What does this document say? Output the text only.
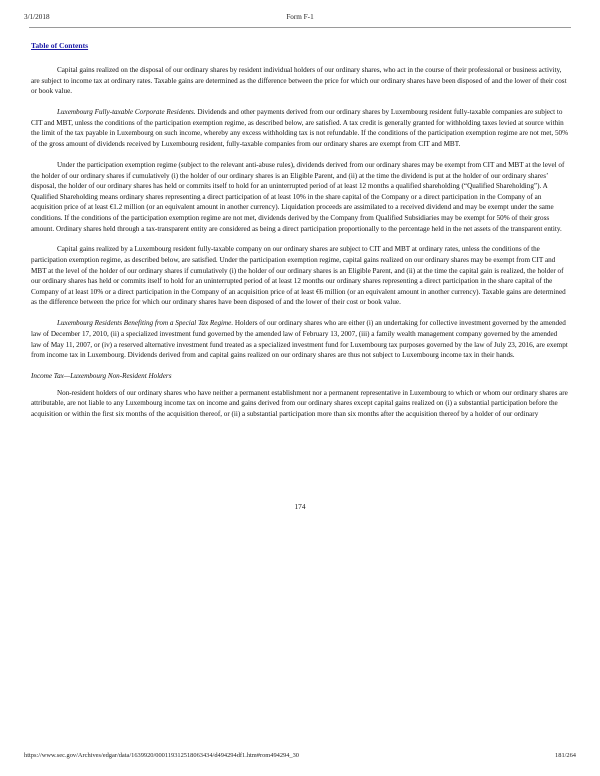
3/1/2018	Form F-1
Table of Contents

Capital gains realized on the disposal of our ordinary shares by resident individual holders of our ordinary shares, who act in the course of their professional or business activity, are subject to income tax at ordinary rates. Taxable gains are determined as the difference between the price for which our ordinary shares have been disposed of and the lower of their cost or book value.

Luxembourg Fully-taxable Corporate Residents. Dividends and other payments derived from our ordinary shares by Luxembourg resident fully-taxable companies are subject to CIT and MBT, unless the conditions of the participation exemption regime, as described below, are satisfied. A tax credit is generally granted for withholding taxes levied at source within the limit of the tax payable in Luxembourg on such income, whereby any excess withholding tax is not refundable. If the conditions of the participation exemption regime are not met, 50% of the gross amount of dividends received by Luxembourg resident, fully-taxable companies from our ordinary shares are exempt from CIT and MBT.

Under the participation exemption regime (subject to the relevant anti-abuse rules), dividends derived from our ordinary shares may be exempt from CIT and MBT at the level of the holder of our ordinary shares if cumulatively (i) the holder of our ordinary shares is an Eligible Parent, and (ii) at the time the dividend is put at the holder of our ordinary shares’ disposal, the holder of our ordinary shares has held or commits itself to hold for an uninterrupted period of at least 12 months a qualified shareholding (“Qualified Shareholding”). A Qualified Shareholding means ordinary shares representing a direct participation of at least 10% in the share capital of the Company or a direct participation in the Company of an acquisition price of at least €1.2 million (or an equivalent amount in another currency). Liquidation proceeds are assimilated to a received dividend and may be exempt under the same conditions. If the conditions of the participation exemption regime are not met, dividends derived by the Company from Qualified Subsidiaries may be exempt for 50% of their gross amount. Ordinary shares held through a tax-transparent entity are considered as being a direct participation proportionally to the percentage held in the net assets of the transparent entity.

Capital gains realized by a Luxembourg resident fully-taxable company on our ordinary shares are subject to CIT and MBT at ordinary rates, unless the conditions of the participation exemption regime, as described below, are satisfied. Under the participation exemption regime, capital gains realized on our ordinary shares may be exempt from CIT and MBT at the level of the holder of our ordinary shares if cumulatively (i) the holder of our ordinary shares is an Eligible Parent, and (ii) at the time the capital gain is realized, the holder of our ordinary shares has held or commits itself to hold for an uninterrupted period of at least 12 months our ordinary shares representing a direct participation in the share capital of the Company of at least 10% or a direct participation in the Company of an acquisition price of at least €6 million (or an equivalent amount in another currency). Taxable gains are determined as the difference between the price for which our ordinary shares have been disposed of and the lower of their cost or book value.

Luxembourg Residents Benefiting from a Special Tax Regime. Holders of our ordinary shares who are either (i) an undertaking for collective investment governed by the amended law of December 17, 2010, (ii) a specialized investment fund governed by the amended law of February 13, 2007, (iii) a family wealth management company governed by the amended law of May 11, 2007, or (iv) a reserved alternative investment fund treated as a specialized investment fund for Luxembourg tax purposes governed by the law of July 23, 2016, are exempt from income tax in Luxembourg. Dividends derived from and capital gains realized on our ordinary shares are thus not subject to Luxembourg income tax in their hands.

Income Tax—Luxembourg Non-Resident Holders

Non-resident holders of our ordinary shares who have neither a permanent establishment nor a permanent representative in Luxembourg to which or whom our ordinary shares are attributable, are not liable to any Luxembourg income tax on income and gains derived from our ordinary shares except capital gains realized on (i) a substantial participation before the acquisition or within the first six months of the acquisition thereof, or (ii) a substantial participation more than six months after the acquisition thereof by a holder of our ordinary

174
https://www.sec.gov/Archives/edgar/data/1639920/000119312518063434/d494294df1.htm#rom494294_30	181/264
